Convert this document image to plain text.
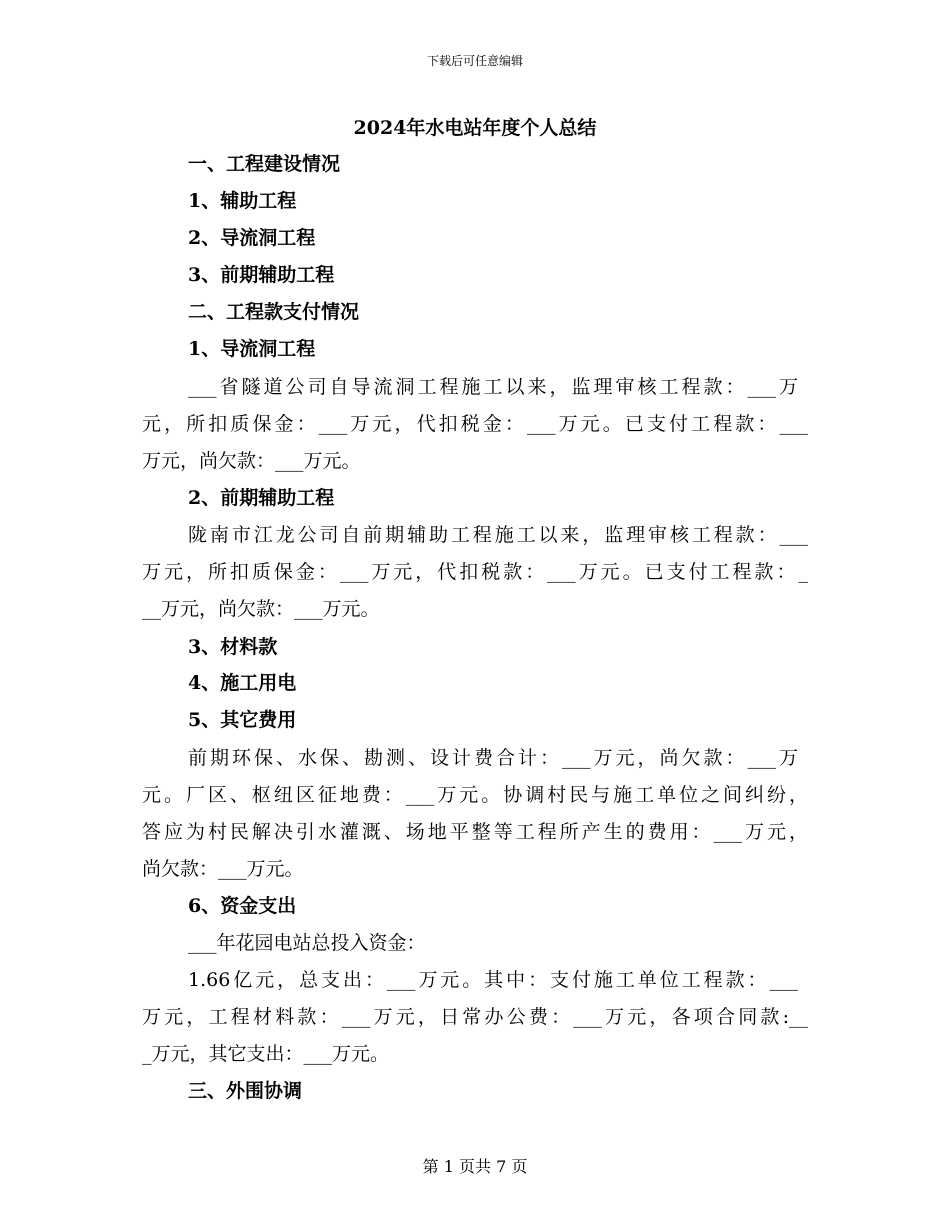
下载后可任意编辑
2024年水电站年度个人总结
一、工程建设情况
1、辅助工程
2、导流洞工程
3、前期辅助工程
二、工程款支付情况
1、导流洞工程
___省隧道公司自导流洞工程施工以来，监理审核工程款：___万
元，所扣质保金：___万元，代扣税金：___万元。已支付工程款：___
万元，尚欠款：___万元。
2、前期辅助工程
陇南市江龙公司自前期辅助工程施工以来，监理审核工程款：___
万元，所扣质保金：___万元，代扣税款：___万元。已支付工程款：_
__万元，尚欠款：___万元。
3、材料款
4、施工用电
5、其它费用
前期环保、水保、勘测、设计费合计：___万元，尚欠款：___万
元。厂区、枢纽区征地费：___万元。协调村民与施工单位之间纠纷，
答应为村民解决引水灌溉、场地平整等工程所产生的费用：___万元，
尚欠款：___万元。
6、资金支出
___年花园电站总投入资金：
1.66亿元，总支出：___万元。其中：支付施工单位工程款：___
万元，工程材料款：___万元，日常办公费：___万元，各项合同款:__
_万元，其它支出：___万元。
三、外围协调
第 1 页共 7 页
